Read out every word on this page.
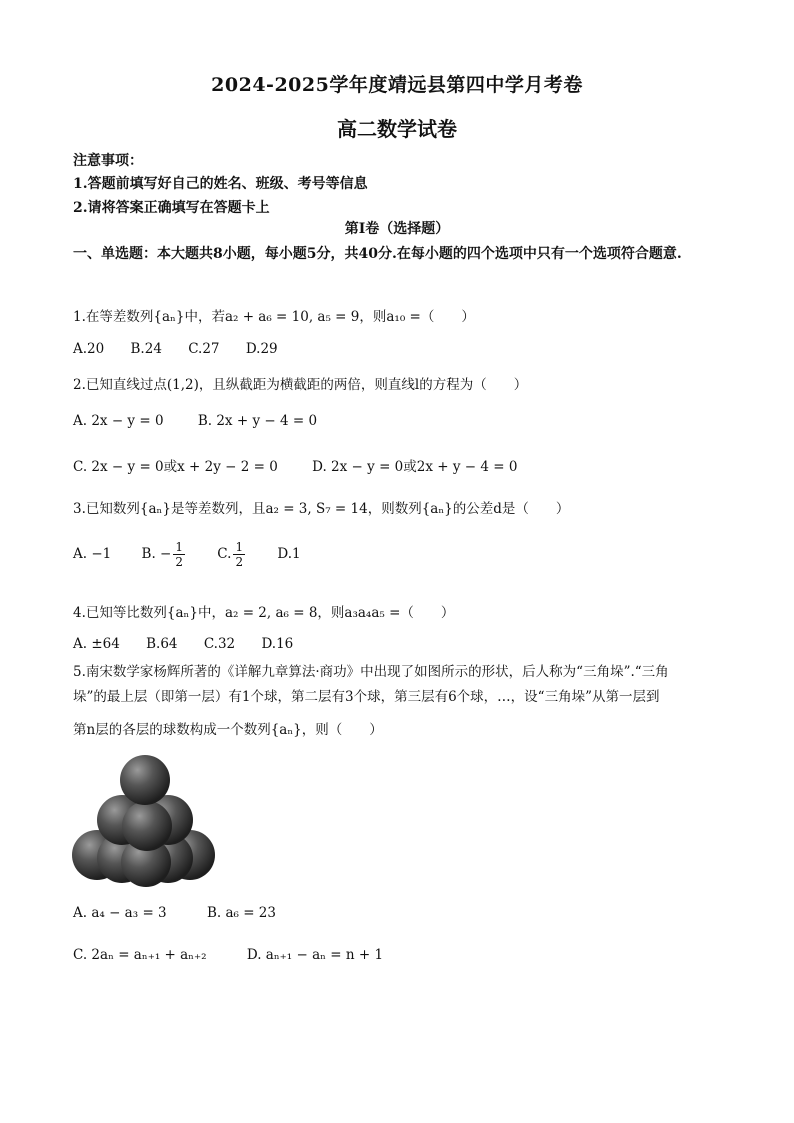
2024-2025学年度靖远县第四中学月考卷
高二数学试卷
注意事项：
1.答题前填写好自己的姓名、班级、考号等信息
2.请将答案正确填写在答题卡上
第I卷（选择题）
一、单选题：本大题共8小题，每小题5分，共40分.在每小题的四个选项中只有一个选项符合题意.
1.在等差数列{aₙ}中，若a₂ + a₆ = 10, a₅ = 9，则a₁₀ =（　　）
A.20 B.24 C.27 D.29
2.已知直线过点(1,2)，且纵截距为横截距的两倍，则直线l的方程为（　　）
A. 2x − y = 0	B. 2x + y − 4 = 0
C. 2x − y = 0或x + 2y − 2 = 0	D. 2x − y = 0或2x + y − 4 = 0
3.已知数列{aₙ}是等差数列，且a₂ = 3, S₇ = 14，则数列{aₙ}的公差d是（　　）
A. −1 B. − $\frac{1}{2} C$. $\frac{1}{2} D.1$
4.已知等比数列{aₙ}中，a₂ = 2, a₆ = 8，则a₃a₄a₅ =（　　）
A. ±64 B.64 C.32 D.16
5.南宋数学家杨辉所著的《详解九章算法·商功》中出现了如图所示的形状，后人称为“三角垛”.“三角
垛”的最上层（即第一层）有1个球，第二层有3个球，第三层有6个球，…，设“三角垛”从第一层到
第n层的各层的球数构成一个数列{aₙ}，则（　　）
A. a₄ − a₃ = 3	B. a₆ = 23
C. 2aₙ = aₙ₊₁ + aₙ₊₂	D. aₙ₊₁ − aₙ = n + 1
